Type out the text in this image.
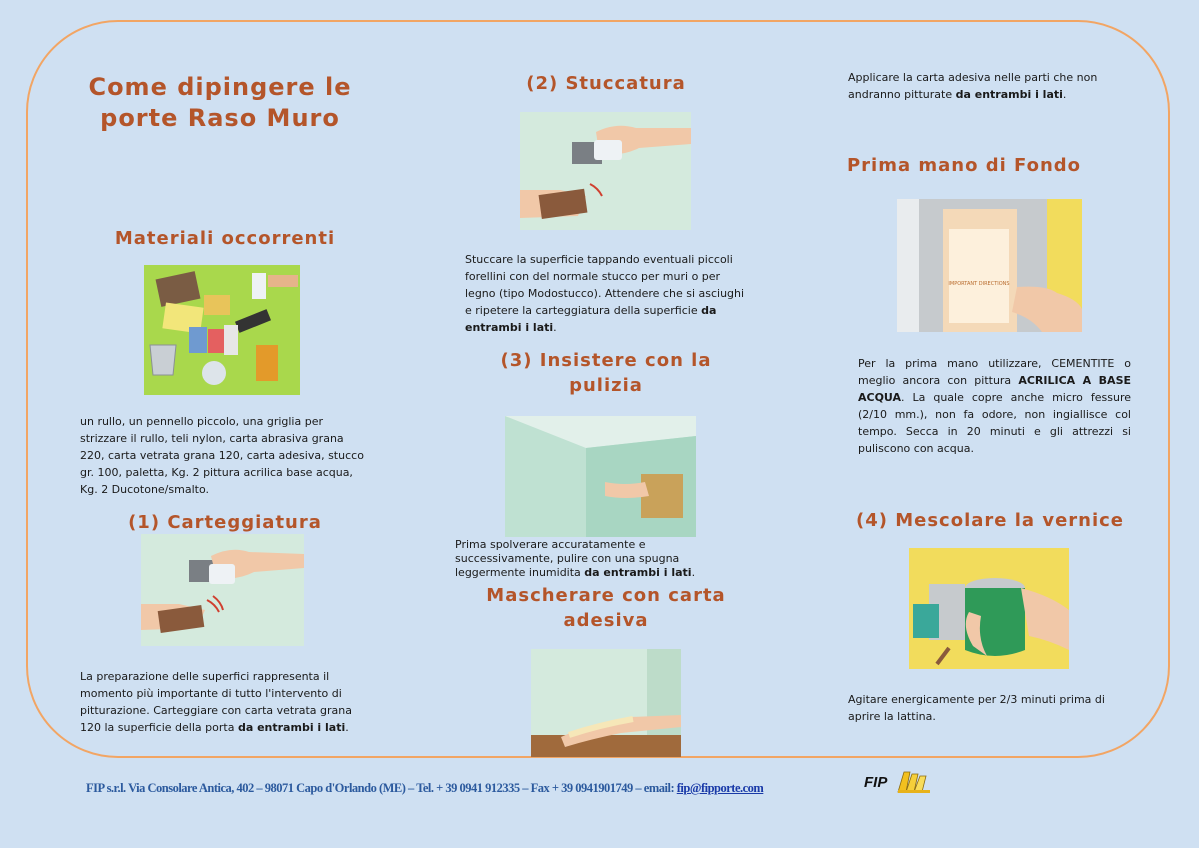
Come dipingere le
porte Raso Muro
Materiali occorrenti
un rullo, un pennello piccolo, una griglia per strizzare il rullo, teli nylon, carta abrasiva grana 220, carta vetrata grana 120, carta adesiva, stucco gr. 100, paletta, Kg. 2 pittura acrilica base acqua, Kg. 2 Ducotone/smalto.
(1) Carteggiatura
La preparazione delle superfici rappresenta il momento più importante di tutto l'intervento di pitturazione. Carteggiare con carta vetrata grana 120 la superficie della porta da entrambi i lati.
(2) Stuccatura
Stuccare la superficie tappando eventuali piccoli forellini con del normale stucco per muri o per legno (tipo Modostucco). Attendere che si asciughi e ripetere la carteggiatura della superficie da entrambi i lati.
(3) Insistere con la
pulizia
Prima spolverare accuratamente e successivamente, pulire con una spugna leggermente inumidita da entrambi i lati.
Mascherare con carta
adesiva
Applicare la carta adesiva nelle parti che non andranno pitturate da entrambi i lati.
Prima mano di Fondo
IMPORTANT DIRECTIONS
Per la prima mano utilizzare, CEMENTITE o meglio ancora con pittura ACRILICA A BASE ACQUA. La quale copre anche micro fessure (2/10 mm.), non fa odore, non ingiallisce col tempo. Secca in 20 minuti e gli attrezzi si puliscono con acqua.
(4) Mescolare la vernice
Agitare energicamente per 2/3 minuti prima di aprire la lattina.
FIP s.r.l. Via Consolare Antica, 402 – 98071 Capo d'Orlando (ME) – Tel. + 39 0941 912335 – Fax + 39 0941901749 – email: fip@fipporte.com	FIP
